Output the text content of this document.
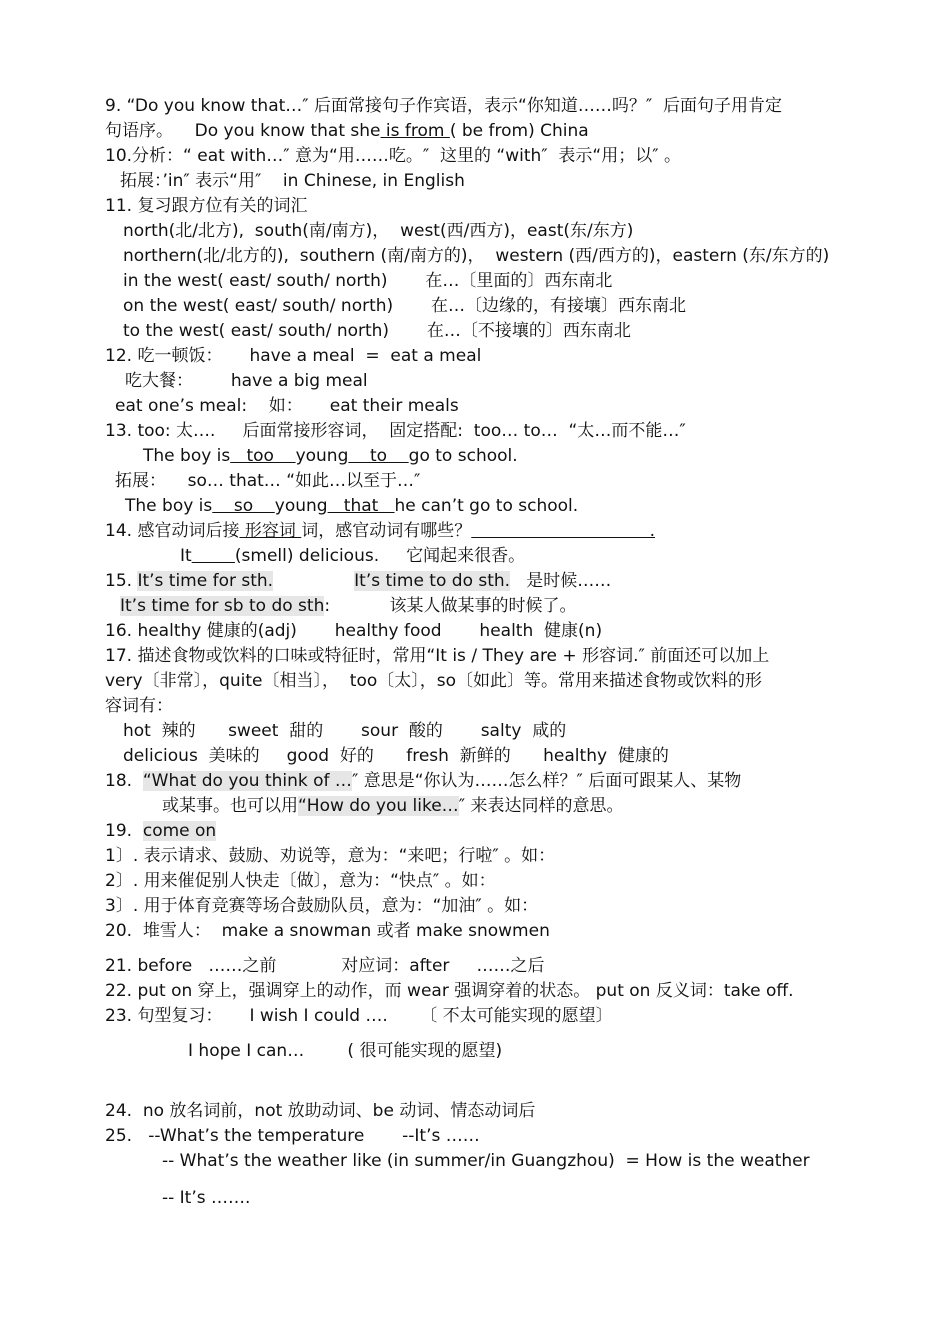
9. “Do you know that…″ 后面常接句子作宾语，表示“你知道……吗？″  后面句子用肯定
句语序。    Do you know that she is from ( be from) China
10.分析：“ eat with…″ 意为“用……吃。″  这里的 “with″  表示“用；以″ 。
拓展：’in″ 表示“用″    in Chinese, in English
11. 复习跟方位有关的词汇
north(北/北方),  south(南/南方)，  west(西/西方)，east(东/东方)
northern(北/北方的),  southern (南/南方的)，  western (西/西方的)，eastern (东/东方的)
in the west( east/ south/ north)       在…〔里面的〕西东南北
on the west( east/ south/ north)       在…〔边缘的，有接壤〕西东南北
to the west( east/ south/ north)       在…〔不接壤的〕西东南北
12. 吃一顿饭：     have a meal  =  eat a meal
吃大餐：       have a big meal
eat one’s meal:    如：     eat their meals
13. too: 太….     后面常接形容词，  固定搭配:  too… to…  “太…而不能…″
The boy is   too    young    to    go to school.
拓展：    so… that… “如此…以至于…″
The boy is    so    young   that   he can’t go to school.
14. 感官动词后接 形容词 词，感官动词有哪些？                                 .
It	(smell) delicious.     它闻起来很香。
15. It’s time for sth.	It’s time to do sth.   是时候……
It’s time for sb to do sth:           该某人做某事的时候了。
16. healthy 健康的(adj)       healthy food       health  健康(n)
17. 描述食物或饮料的口味或特征时，常用“It is / They are + 形容词.″ 前面还可以加上
very〔非常〕，quite〔相当〕，  too〔太〕，so〔如此〕等。常用来描述食物或饮料的形
容词有：
hot  辣的      sweet  甜的       sour  酸的       salty  咸的
delicious  美味的     good  好的      fresh  新鲜的      healthy  健康的
18.  “What do you think of …″ 意思是“你认为……怎么样？″ 后面可跟某人、某物
或某事。也可以用“How do you like…″ 来表达同样的意思。
19.  come on
1〕. 表示请求、鼓励、劝说等，意为：“来吧；行啦″ 。如：
2〕. 用来催促别人快走〔做〕，意为：“快点″ 。如：
3〕. 用于体育竞赛等场合鼓励队员，意为：“加油″ 。如：
20.  堆雪人：  make a snowman 或者 make snowmen
21. before   ……之前            对应词：after     ……之后
22. put on 穿上，强调穿上的动作，而 wear 强调穿着的状态。 put on 反义词：take off.
23. 句型复习：     I wish I could ….      〔 不太可能实现的愿望〕
I hope I can…        ( 很可能实现的愿望)
24.  no 放名词前，not 放助动词、be 动词、情态动词后
25.   --What’s the temperature       --It’s ……
-- What’s the weather like (in summer/in Guangzhou)  = How is the weather
-- It’s …….
